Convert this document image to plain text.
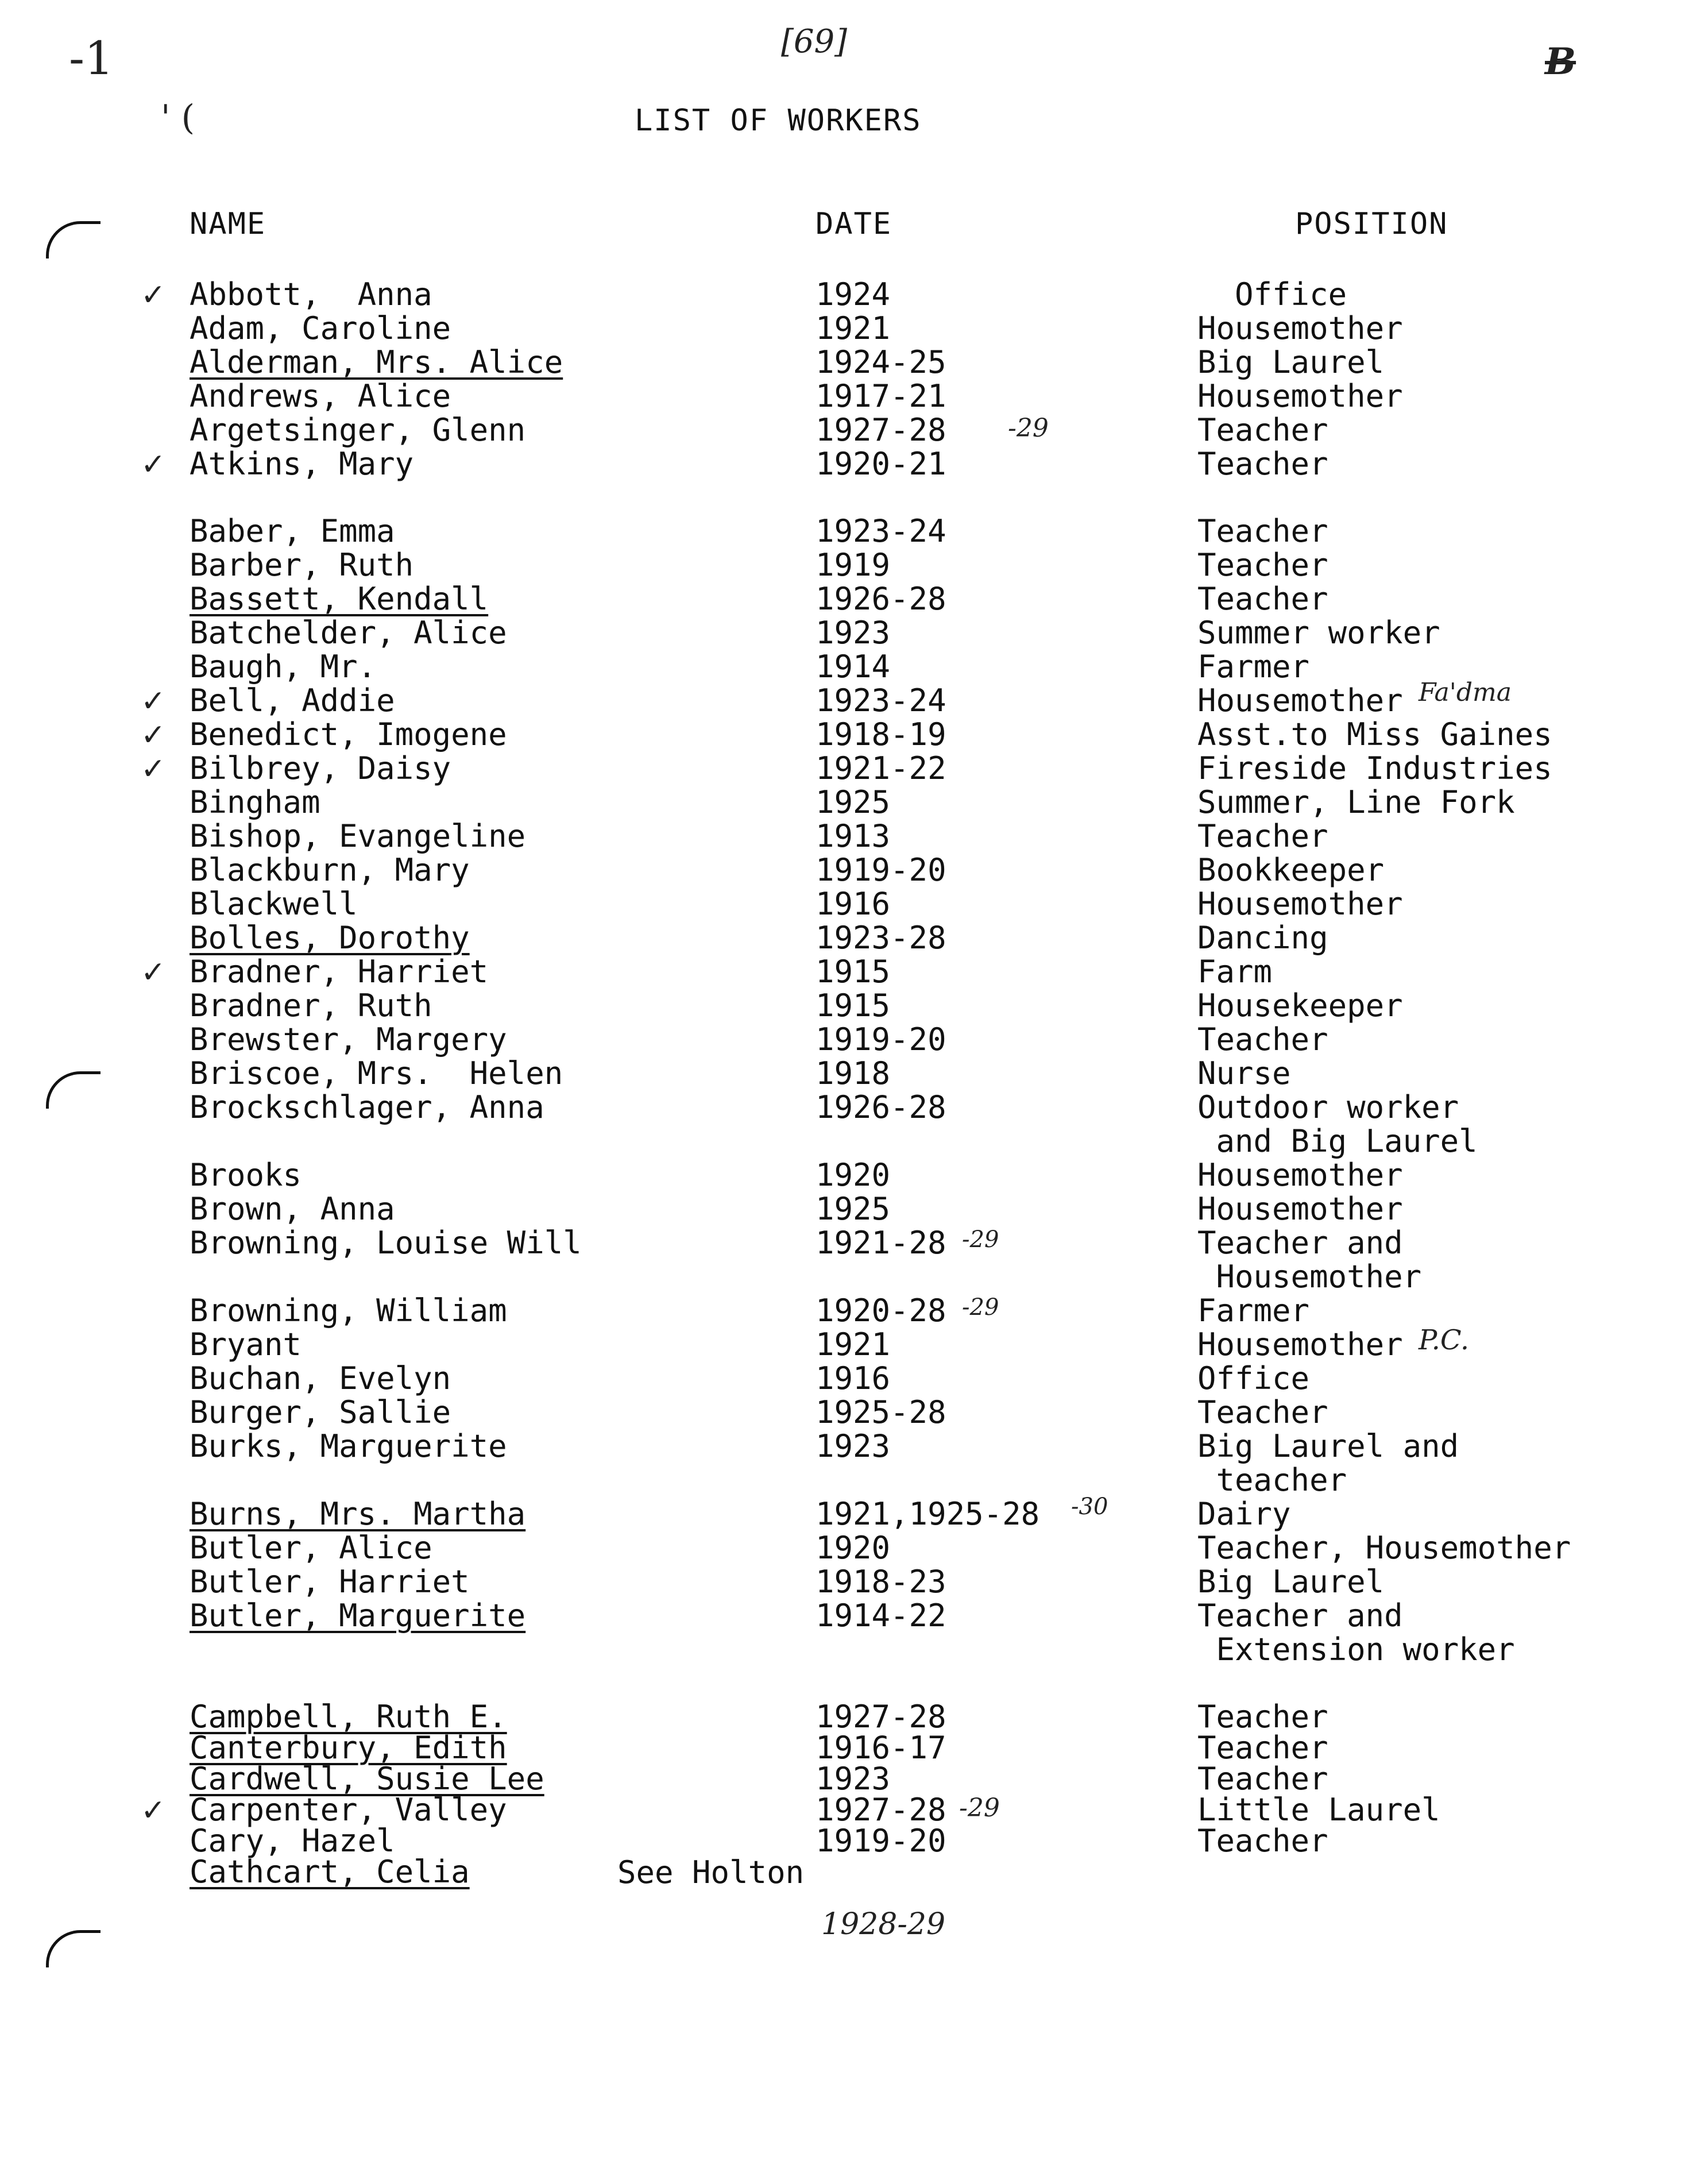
[69]	B
-1
' (	LIST OF WORKERS
NAME	DATE	POSITION
Abbott,  Anna	1924	Office
Adam, Caroline	1921	Housemother
Alderman, Mrs. Alice	1924-25	Big Laurel
Andrews, Alice	1917-21	Housemother
Argetsinger, Glenn	1927-28	Teacher
Atkins, Mary	1920-21	Teacher
Baber, Emma	1923-24	Teacher
Barber, Ruth	1919	Teacher
Bassett, Kendall	1926-28	Teacher
Batchelder, Alice	1923	Summer worker
Baugh, Mr.	1914	Farmer
Bell, Addie	1923-24	Housemother
Benedict, Imogene	1918-19	Asst.to Miss Gaines
Bilbrey, Daisy	1921-22	Fireside Industries
Bingham	1925	Summer, Line Fork
Bishop, Evangeline	1913	Teacher
Blackburn, Mary	1919-20	Bookkeeper
Blackwell	1916	Housemother
Bolles, Dorothy	1923-28	Dancing
Bradner, Harriet	1915	Farm
Bradner, Ruth	1915	Housekeeper
Brewster, Margery	1919-20	Teacher
Briscoe, Mrs.  Helen	1918	Nurse
Brockschlager, Anna	1926-28	Outdoor worker
and Big Laurel
Brooks	1920	Housemother
Brown, Anna	1925	Housemother
Browning, Louise Will	1921-28	Teacher and
Housemother
Browning, William	1920-28	Farmer
Bryant	1921	Housemother
Buchan, Evelyn	1916	Office
Burger, Sallie	1925-28	Teacher
Burks, Marguerite	1923	Big Laurel and
teacher
Burns, Mrs. Martha	1921,1925-28	Dairy
Butler, Alice	1920	Teacher, Housemother
Butler, Harriet	1918-23	Big Laurel
Butler, Marguerite	1914-22	Teacher and
Extension worker
Campbell, Ruth E.	1927-28	Teacher
Canterbury, Edith	1916-17	Teacher
Cardwell, Susie Lee	1923	Teacher
Carpenter, Valley	1927-28	Little Laurel
Cary, Hazel	1919-20	Teacher
Cathcart, Celia	See Holton
-29
-29
-29
-30
-29
Fa'dma
P.C.
1928-29
✓
✓
✓
✓
✓
✓
✓
